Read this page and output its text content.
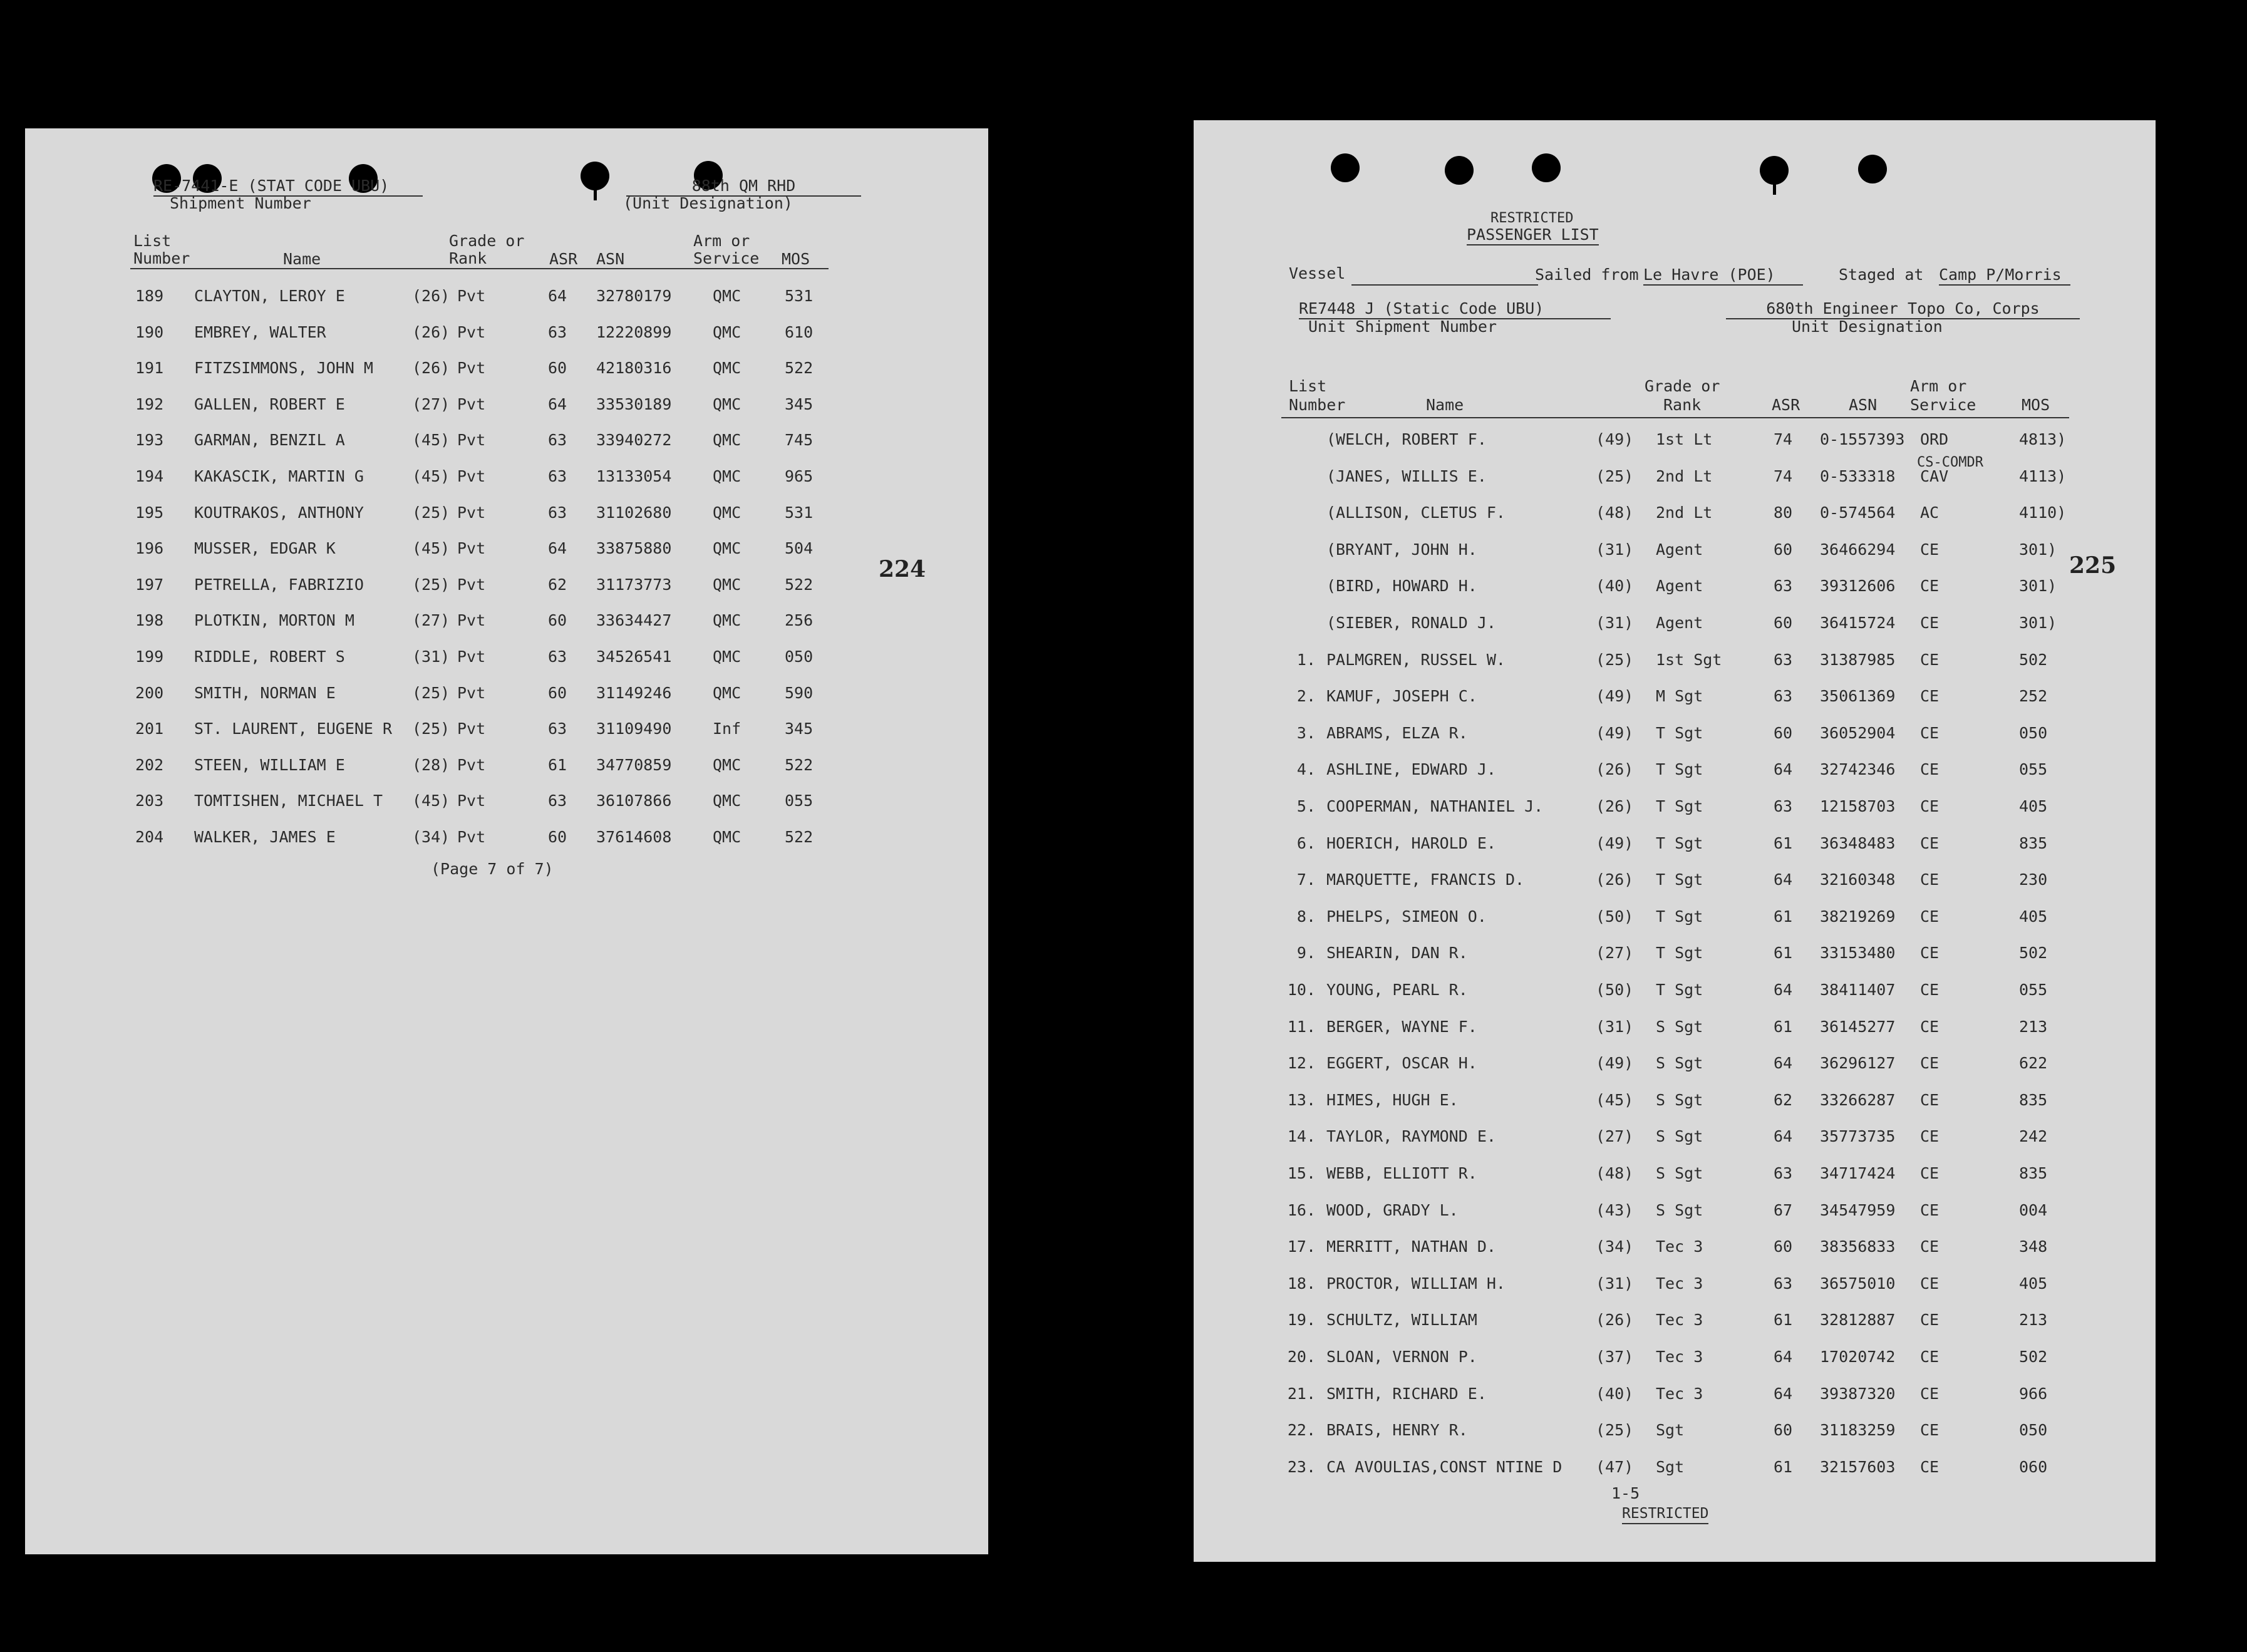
RE-7441-E (STAT CODE UBU)
Shipment Number
88th QM RHD
(Unit Designation)
List
Number	Name
Grade or
Rank	ASR ASN
Arm or
Service MOS
189 CLAYTON, LEROY E	(26) Pvt	64 32780179	QMC	531
190 EMBREY, WALTER	(26) Pvt	63 12220899	QMC	610
191 FITZSIMMONS, JOHN M (26) Pvt	60 42180316	QMC	522
192 GALLEN, ROBERT E	(27) Pvt	64 33530189	QMC	345
193 GARMAN, BENZIL A	(45) Pvt	63 33940272	QMC	745
194 KAKASCIK, MARTIN G	(45) Pvt	63 13133054	QMC	965
195 KOUTRAKOS, ANTHONY	(25) Pvt	63 31102680	QMC	531
196 MUSSER, EDGAR K	(45) Pvt	64 33875880	QMC	504
197 PETRELLA, FABRIZIO	(25) Pvt	62 31173773	QMC	522
198 PLOTKIN, MORTON M	(27) Pvt	60 33634427	QMC	256
199 RIDDLE, ROBERT S	(31) Pvt	63 34526541	QMC	050
200 SMITH, NORMAN E	(25) Pvt	60 31149246	QMC	590
201 ST. LAURENT, EUGENE R (25) Pvt	63 31109490	Inf	345
202 STEEN, WILLIAM E	(28) Pvt	61 34770859	QMC	522
203 TOMTISHEN, MICHAEL T (45) Pvt	63 36107866	QMC	055
204 WALKER, JAMES E	(34) Pvt	60 37614608	QMC	522
(Page 7 of 7)
224
RESTRICTED
PASSENGER LIST
Vessel	Sailed from Le Havre (POE)	Staged at Camp P/Morris
RE7448 J (Static Code UBU)
Unit Shipment Number
680th Engineer Topo Co, Corps
Unit Designation
List
Number	Name
Grade or
Rank	ASR	ASN
Arm or
Service	MOS
CS-COMDR
(WELCH, ROBERT F.	(49) 1st Lt	74 0-1557393 ORD	4813)
(JANES, WILLIS E.	(25) 2nd Lt	74 0-533318 CAV	4113)
(ALLISON, CLETUS F.	(48) 2nd Lt	80 0-574564 AC	4110)
(BRYANT, JOHN H.	(31) Agent	60 36466294 CE	301)
(BIRD, HOWARD H.	(40) Agent	63 39312606 CE	301)
(SIEBER, RONALD J.	(31) Agent	60 36415724 CE	301)
1. PALMGREN, RUSSEL W.	(25) 1st Sgt	63 31387985 CE	502
2. KAMUF, JOSEPH C.	(49) M Sgt	63 35061369 CE	252
3. ABRAMS, ELZA R.	(49) T Sgt	60 36052904 CE	050
4. ASHLINE, EDWARD J.	(26) T Sgt	64 32742346 CE	055
5. COOPERMAN, NATHANIEL J.	(26) T Sgt	63 12158703 CE	405
6. HOERICH, HAROLD E.	(49) T Sgt	61 36348483 CE	835
7. MARQUETTE, FRANCIS D.	(26) T Sgt	64 32160348 CE	230
8. PHELPS, SIMEON O.	(50) T Sgt	61 38219269 CE	405
9. SHEARIN, DAN R.	(27) T Sgt	61 33153480 CE	502
10. YOUNG, PEARL R.	(50) T Sgt	64 38411407 CE	055
11. BERGER, WAYNE F.	(31) S Sgt	61 36145277 CE	213
12. EGGERT, OSCAR H.	(49) S Sgt	64 36296127 CE	622
13. HIMES, HUGH E.	(45) S Sgt	62 33266287 CE	835
14. TAYLOR, RAYMOND E.	(27) S Sgt	64 35773735 CE	242
15. WEBB, ELLIOTT R.	(48) S Sgt	63 34717424 CE	835
16. WOOD, GRADY L.	(43) S Sgt	67 34547959 CE	004
17. MERRITT, NATHAN D.	(34) Tec 3	60 38356833 CE	348
18. PROCTOR, WILLIAM H.	(31) Tec 3	63 36575010 CE	405
19. SCHULTZ, WILLIAM	(26) Tec 3	61 32812887 CE	213
20. SLOAN, VERNON P.	(37) Tec 3	64 17020742 CE	502
21. SMITH, RICHARD E.	(40) Tec 3	64 39387320 CE	966
22. BRAIS, HENRY R.	(25) Sgt	60 31183259 CE	050
23. CA AVOULIAS,CONST NTINE D (47) Sgt	61 32157603 CE	060
1-5
RESTRICTED
225
